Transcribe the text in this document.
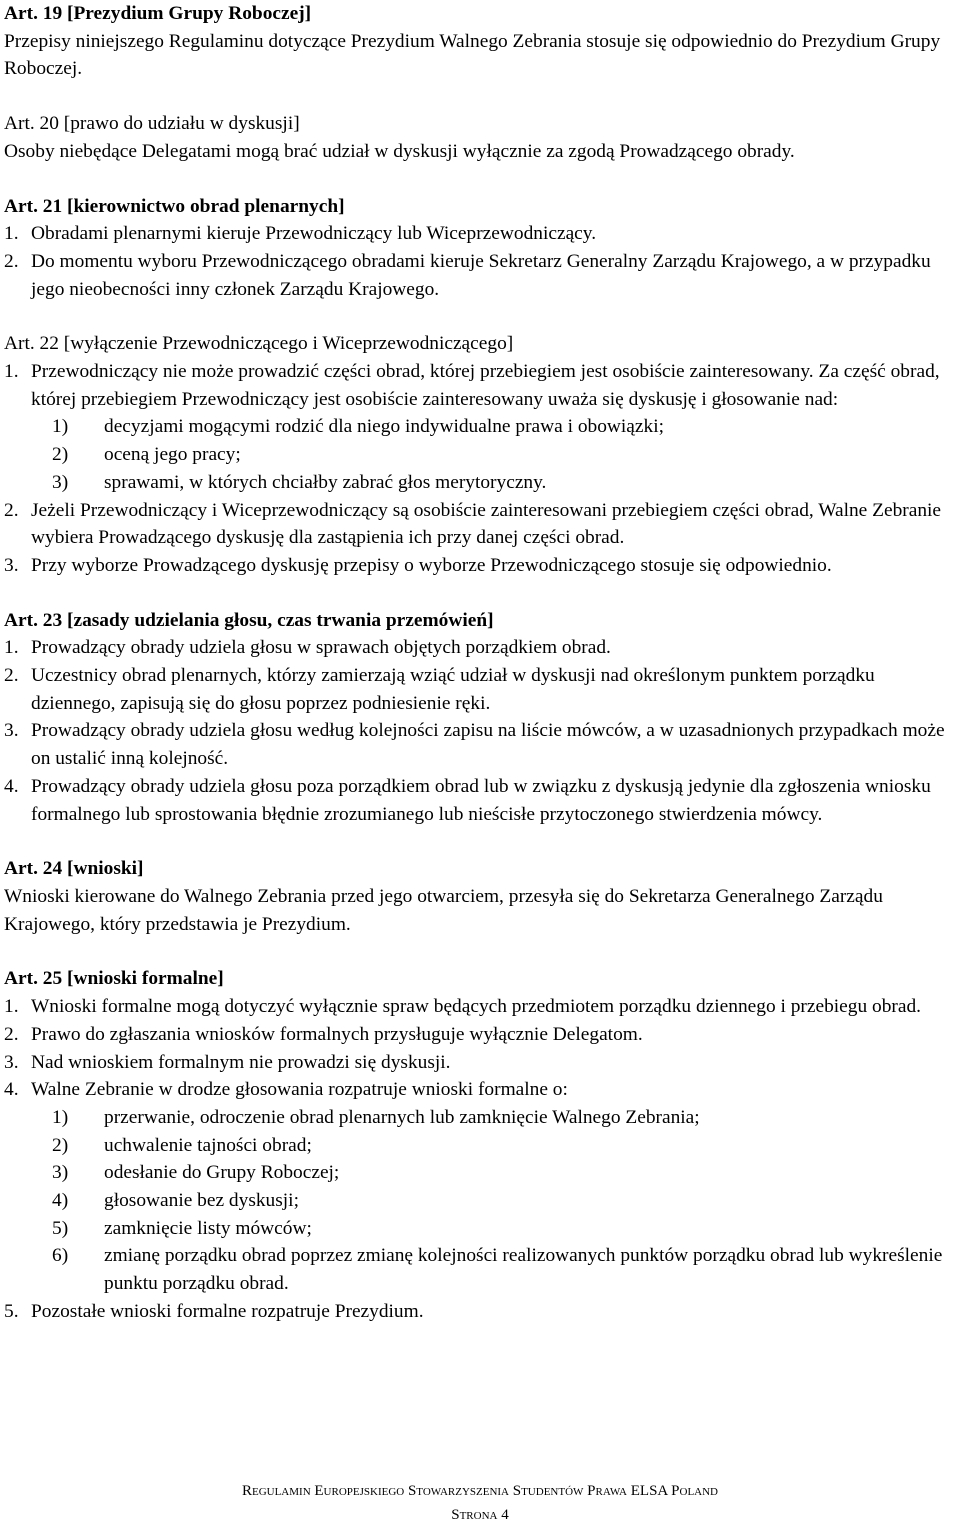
Art. 19 [Prezydium Grupy Roboczej]

Przepisy niniejszego Regulaminu dotyczące Prezydium Walnego Zebrania stosuje się odpowiednio do Prezydium Grupy Roboczej.

Art. 20 [prawo do udziału w dyskusji]

Osoby niebędące Delegatami mogą brać udział w dyskusji wyłącznie za zgodą Prowadzącego obrady.

Art. 21 [kierownictwo obrad plenarnych]

1. Obradami plenarnymi kieruje Przewodniczący lub Wiceprzewodniczący.
2. Do momentu wyboru Przewodniczącego obradami kieruje Sekretarz Generalny Zarządu Krajowego, a w przypadku jego nieobecności inny członek Zarządu Krajowego.

Art. 22 [wyłączenie Przewodniczącego i Wiceprzewodniczącego]

1. Przewodniczący nie może prowadzić części obrad, której przebiegiem jest osobiście zainteresowany. Za część obrad, której przebiegiem Przewodniczący jest osobiście zainteresowany uważa się dyskusję i głosowanie nad:
1)	decyzjami mogącymi rodzić dla niego indywidualne prawa i obowiązki;
2)	oceną jego pracy;
3)	sprawami, w których chciałby zabrać głos merytoryczny.
2. Jeżeli Przewodniczący i Wiceprzewodniczący są osobiście zainteresowani przebiegiem części obrad, Walne Zebranie wybiera Prowadzącego dyskusję dla zastąpienia ich przy danej części obrad.
3. Przy wyborze Prowadzącego dyskusję przepisy o wyborze Przewodniczącego stosuje się odpowiednio.

Art. 23 [zasady udzielania głosu, czas trwania przemówień]

1. Prowadzący obrady udziela głosu w sprawach objętych porządkiem obrad.
2. Uczestnicy obrad plenarnych, którzy zamierzają wziąć udział w dyskusji nad określonym punktem porządku dziennego, zapisują się do głosu poprzez podniesienie ręki.
3. Prowadzący obrady udziela głosu według kolejności zapisu na liście mówców, a w uzasadnionych przypadkach może on ustalić inną kolejność.
4. Prowadzący obrady udziela głosu poza porządkiem obrad lub w związku z dyskusją jedynie dla zgłoszenia wniosku formalnego lub sprostowania błędnie zrozumianego lub nieścisłe przytoczonego stwierdzenia mówcy.

Art. 24 [wnioski]

Wnioski kierowane do Walnego Zebrania przed jego otwarciem, przesyła się do Sekretarza Generalnego Zarządu Krajowego, który przedstawia je Prezydium.

Art. 25 [wnioski formalne]

1. Wnioski formalne mogą dotyczyć wyłącznie spraw będących przedmiotem porządku dziennego i przebiegu obrad.
2. Prawo do zgłaszania wniosków formalnych przysługuje wyłącznie Delegatom.
3. Nad wnioskiem formalnym nie prowadzi się dyskusji.
4. Walne Zebranie w drodze głosowania rozpatruje wnioski formalne o:
1)	przerwanie, odroczenie obrad plenarnych lub zamknięcie Walnego Zebrania;
2)	uchwalenie tajności obrad;
3)	odesłanie do Grupy Roboczej;
4)	głosowanie bez dyskusji;
5)	zamknięcie listy mówców;
6)	zmianę porządku obrad poprzez zmianę kolejności realizowanych punktów porządku obrad lub wykreślenie punktu porządku obrad.
5. Pozostałe wnioski formalne rozpatruje Prezydium.
Regulamin Europejskiego Stowarzyszenia Studentów Prawa ELSA Poland
Strona 4
